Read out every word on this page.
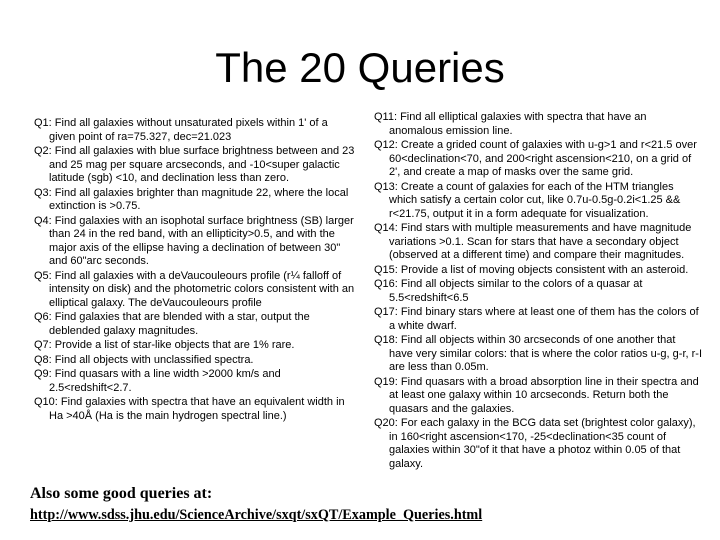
The 20 Queries
Q1: Find all galaxies without unsaturated pixels within 1' of a given point of ra=75.327, dec=21.023
Q2: Find all galaxies with blue surface brightness between and 23 and 25 mag per square arcseconds, and -10<super galactic latitude (sgb) <10, and declination less than zero.
Q3: Find all galaxies brighter than magnitude 22, where the local extinction is >0.75.
Q4: Find galaxies with an isophotal surface brightness (SB) larger than 24 in the red band, with an ellipticity>0.5, and with the major axis of the ellipse having a declination of between 30" and 60"arc seconds.
Q5: Find all galaxies with a deVaucouleours profile (r¼ falloff of intensity on disk) and the photometric colors consistent with an elliptical galaxy. The deVaucouleours profile
Q6: Find galaxies that are blended with a star, output the deblended galaxy magnitudes.
Q7: Provide a list of star-like objects that are 1% rare.
Q8: Find all objects with unclassified spectra.
Q9: Find quasars with a line width >2000 km/s and 2.5<redshift<2.7.
Q10: Find galaxies with spectra that have an equivalent width in Ha >40Å (Ha is the main hydrogen spectral line.)
Q11: Find all elliptical galaxies with spectra that have an anomalous emission line.
Q12: Create a grided count of galaxies with u-g>1 and r<21.5 over 60<declination<70, and 200<right ascension<210, on a grid of 2', and create a map of masks over the same grid.
Q13: Create a count of galaxies for each of the HTM triangles which satisfy a certain color cut, like 0.7u-0.5g-0.2i<1.25 && r<21.75, output it in a form adequate for visualization.
Q14: Find stars with multiple measurements and have magnitude variations >0.1. Scan for stars that have a secondary object (observed at a different time) and compare their magnitudes.
Q15: Provide a list of moving objects consistent with an asteroid.
Q16: Find all objects similar to the colors of a quasar at 5.5<redshift<6.5
Q17: Find binary stars where at least one of them has the colors of a white dwarf.
Q18: Find all objects within 30 arcseconds of one another that have very similar colors: that is where the color ratios u-g, g-r, r-I are less than 0.05m.
Q19: Find quasars with a broad absorption line in their spectra and at least one galaxy within 10 arcseconds. Return both the quasars and the galaxies.
Q20: For each galaxy in the BCG data set (brightest color galaxy), in 160<right ascension<170, -25<declination<35 count of galaxies within 30"of it that have a photoz within 0.05 of that galaxy.
Also some good queries at:
http://www.sdss.jhu.edu/ScienceArchive/sxqt/sxQT/Example_Queries.html
